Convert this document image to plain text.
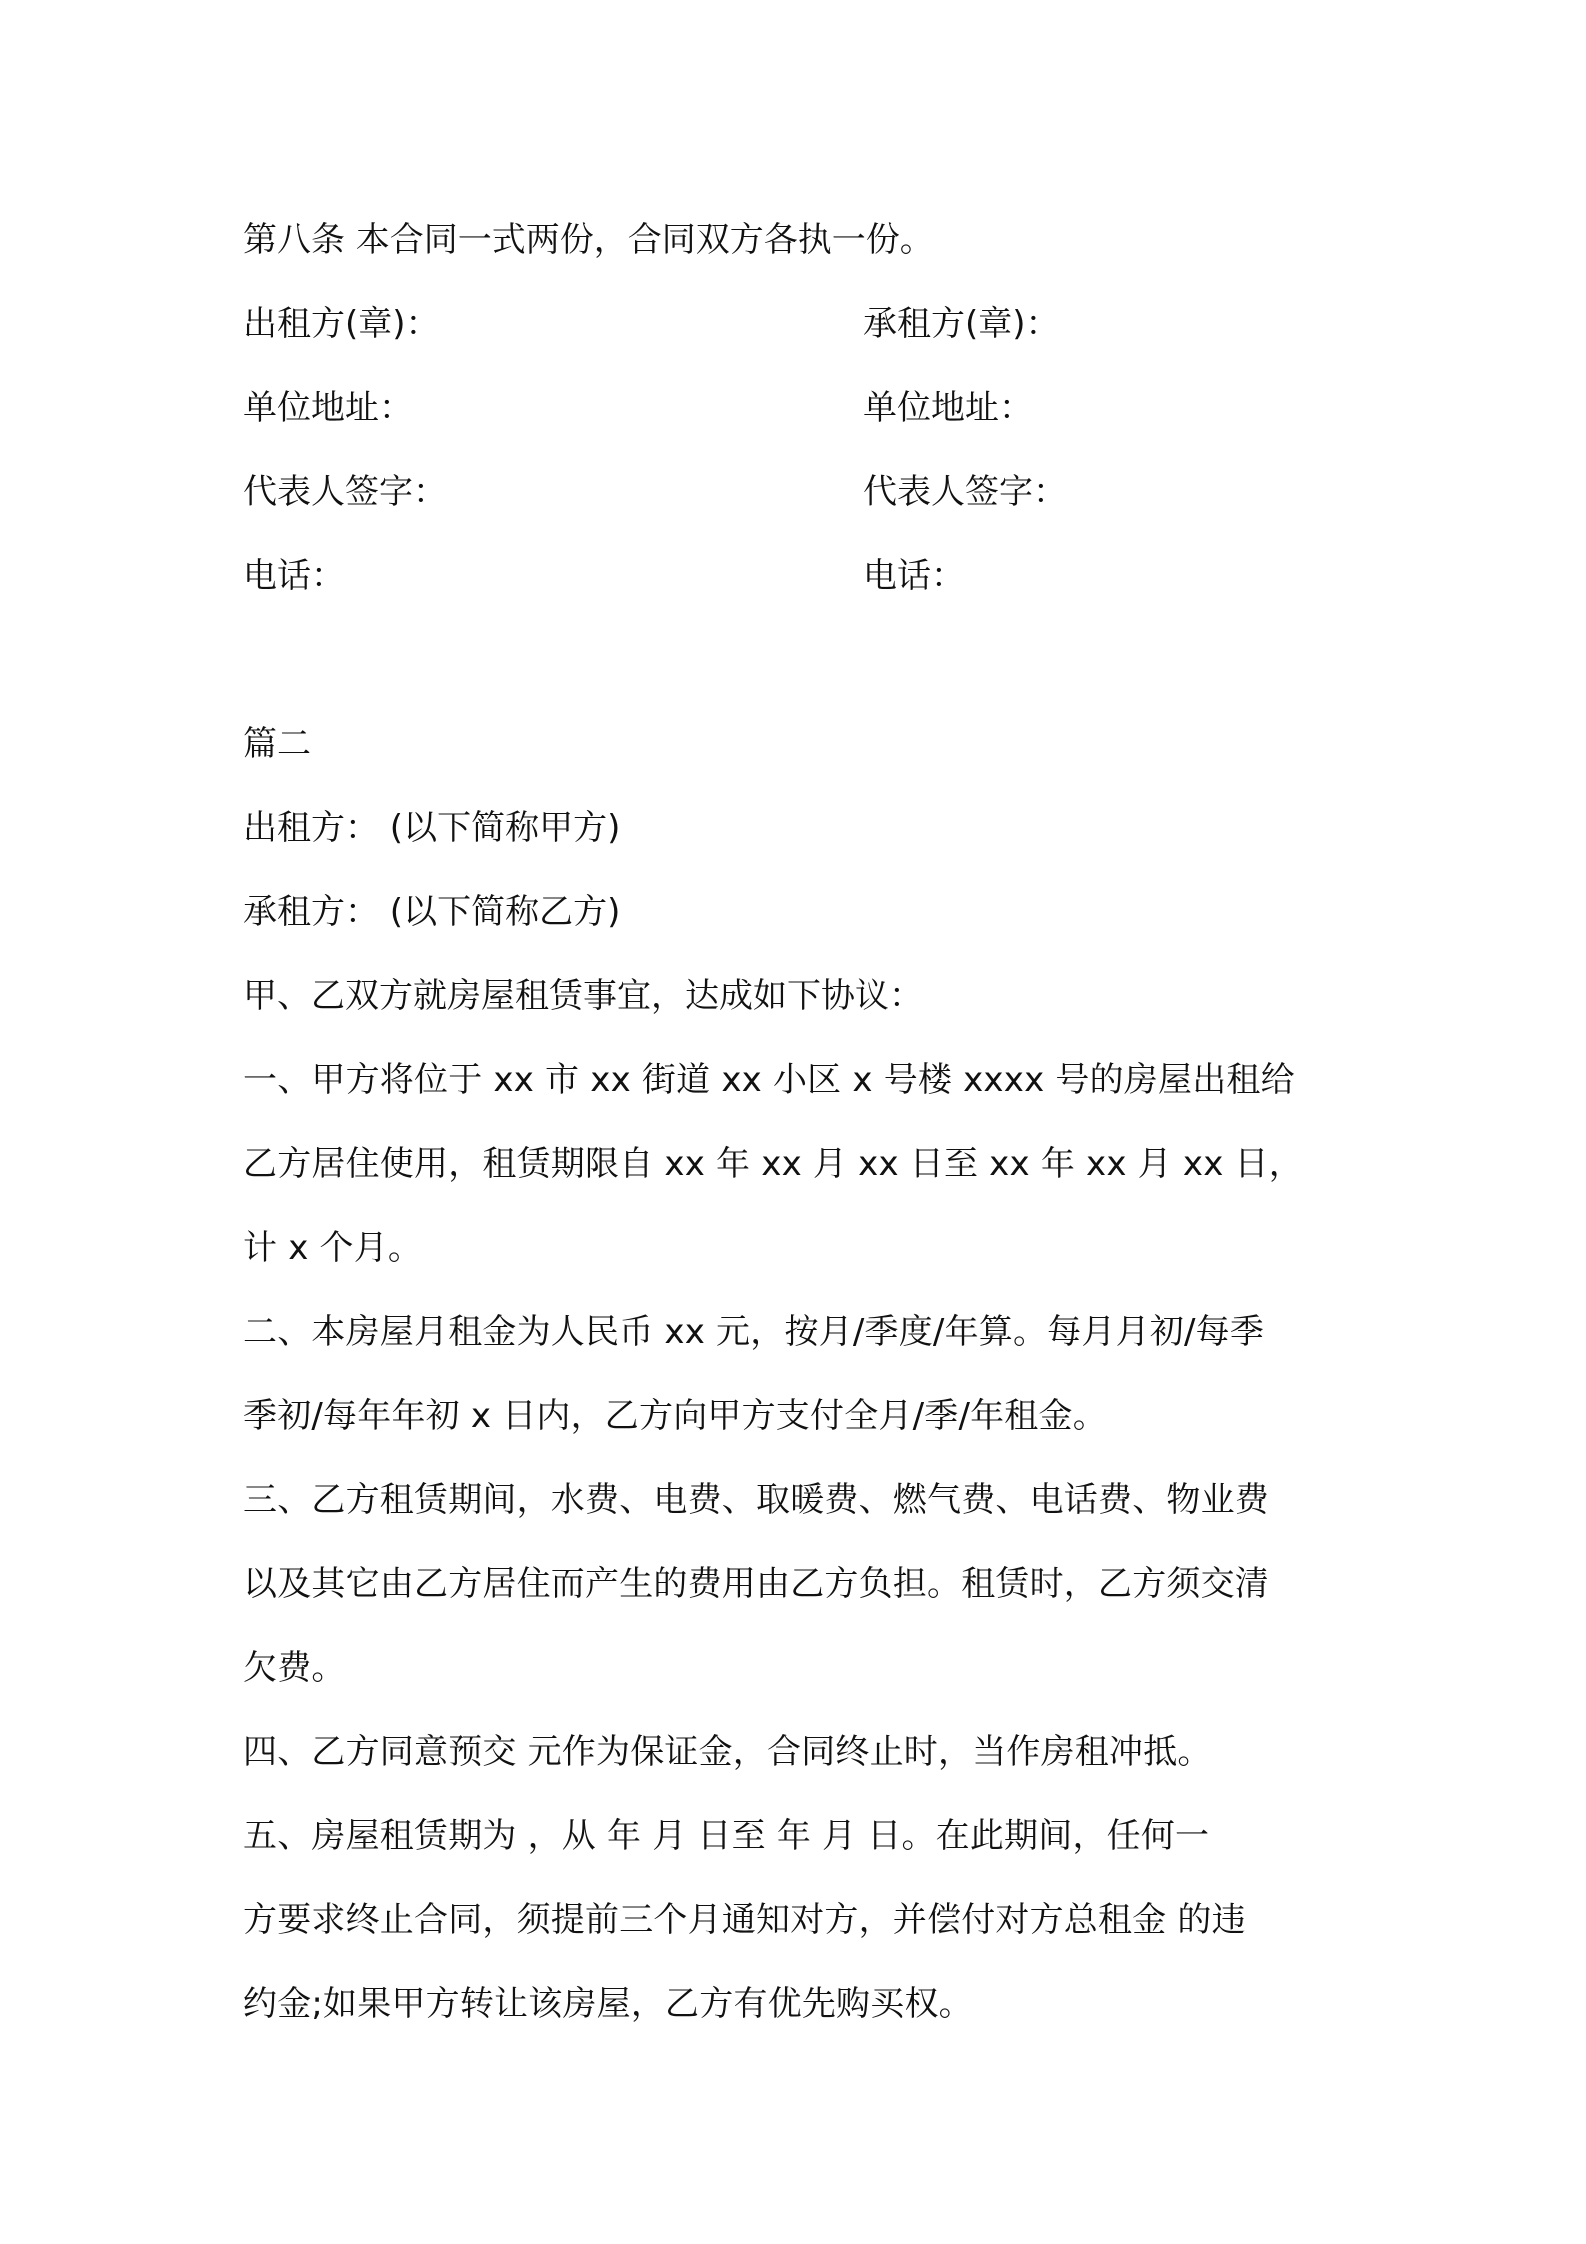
第八条 本合同一式两份，合同双方各执一份。
出租方(章)：	承租方(章)：
单位地址：	单位地址：
代表人签字：	代表人签字：
电话：	电话：
篇二
出租方： (以下简称甲方)
承租方： (以下简称乙方)
甲、乙双方就房屋租赁事宜，达成如下协议：
一、甲方将位于 xx 市 xx 街道 xx 小区 x 号楼 xxxx 号的房屋出租给
乙方居住使用，租赁期限自 xx 年 xx 月 xx 日至 xx 年 xx 月 xx 日，
计 x 个月。
二、本房屋月租金为人民币 xx 元，按月/季度/年算。每月月初/每季
季初/每年年初 x 日内，乙方向甲方支付全月/季/年租金。
三、乙方租赁期间，水费、电费、取暖费、燃气费、电话费、物业费
以及其它由乙方居住而产生的费用由乙方负担。租赁时，乙方须交清
欠费。
四、乙方同意预交 元作为保证金，合同终止时，当作房租冲抵。
五、房屋租赁期为 ，从 年 月 日至 年 月 日。在此期间，任何一
方要求终止合同，须提前三个月通知对方，并偿付对方总租金 的违
约金;如果甲方转让该房屋，乙方有优先购买权。
